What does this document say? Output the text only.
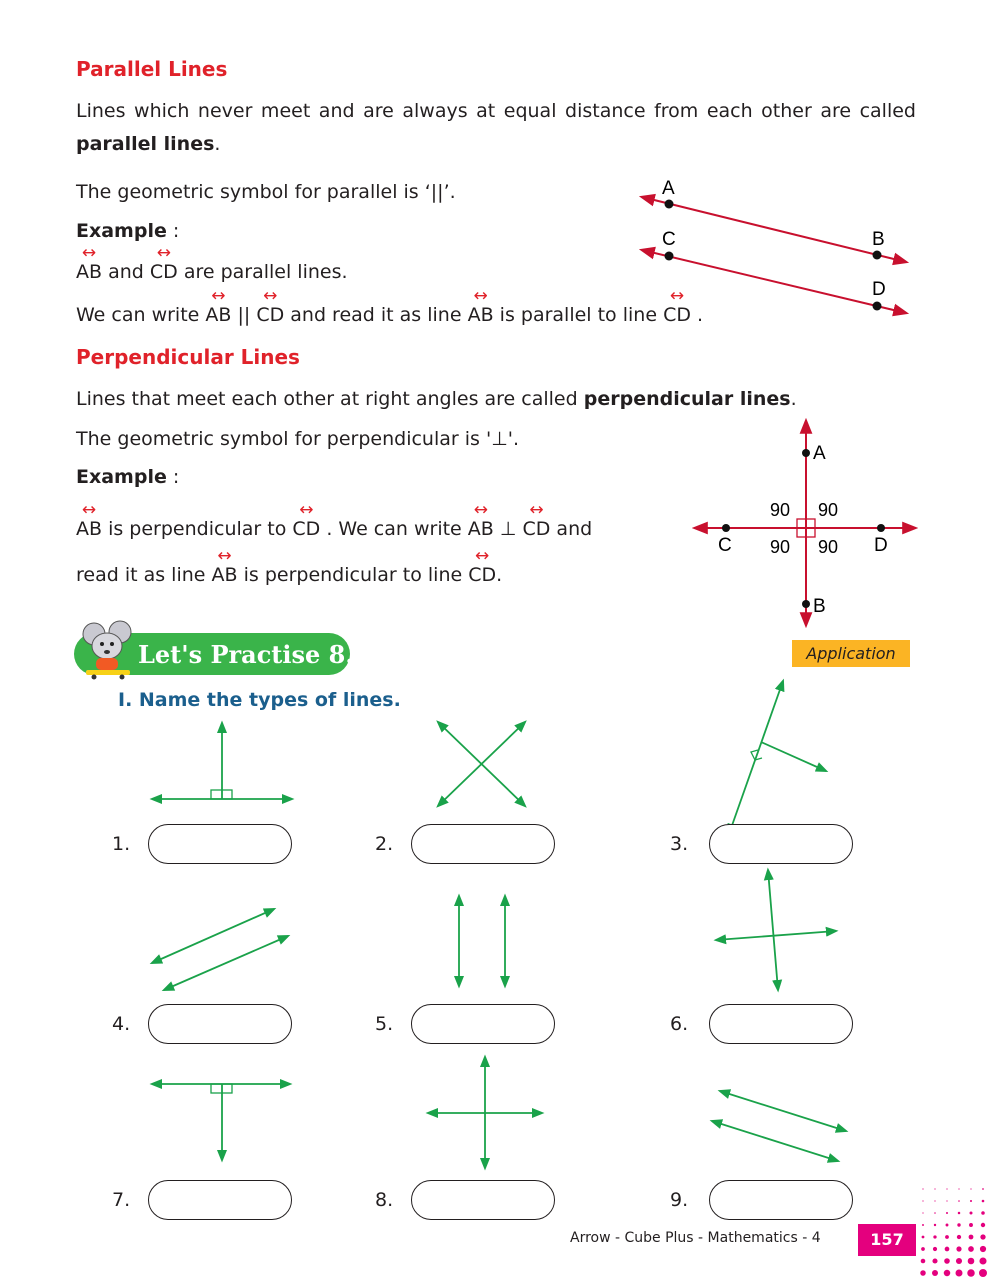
Parallel Lines
Lines which never meet and are always at equal distance from each other are called parallel lines.
The geometric symbol for parallel is ‘||’.
Example :
↔ AB and ↔ CD are parallel lines.
We can write ↔ AB || ↔ CD and read it as line ↔ AB is parallel to line ↔ CD .
A
B
C
D
Perpendicular Lines
Lines that meet each other at right angles are called perpendicular lines.
The geometric symbol for perpendicular is '⊥'.
Example :
↔ AB is perpendicular to ↔ CD . We can write ↔ AB ⊥ ↔ CD and
read it as line ↔ AB is perpendicular to line ↔ CD.
A
B
C	D
90 90
90 90
Let's Practise 8.5	Application
I. Name the types of lines.
1.	2.	3.
4.	5.	6.
7.	8.	9.
Arrow - Cube Plus - Mathematics - 4	157
